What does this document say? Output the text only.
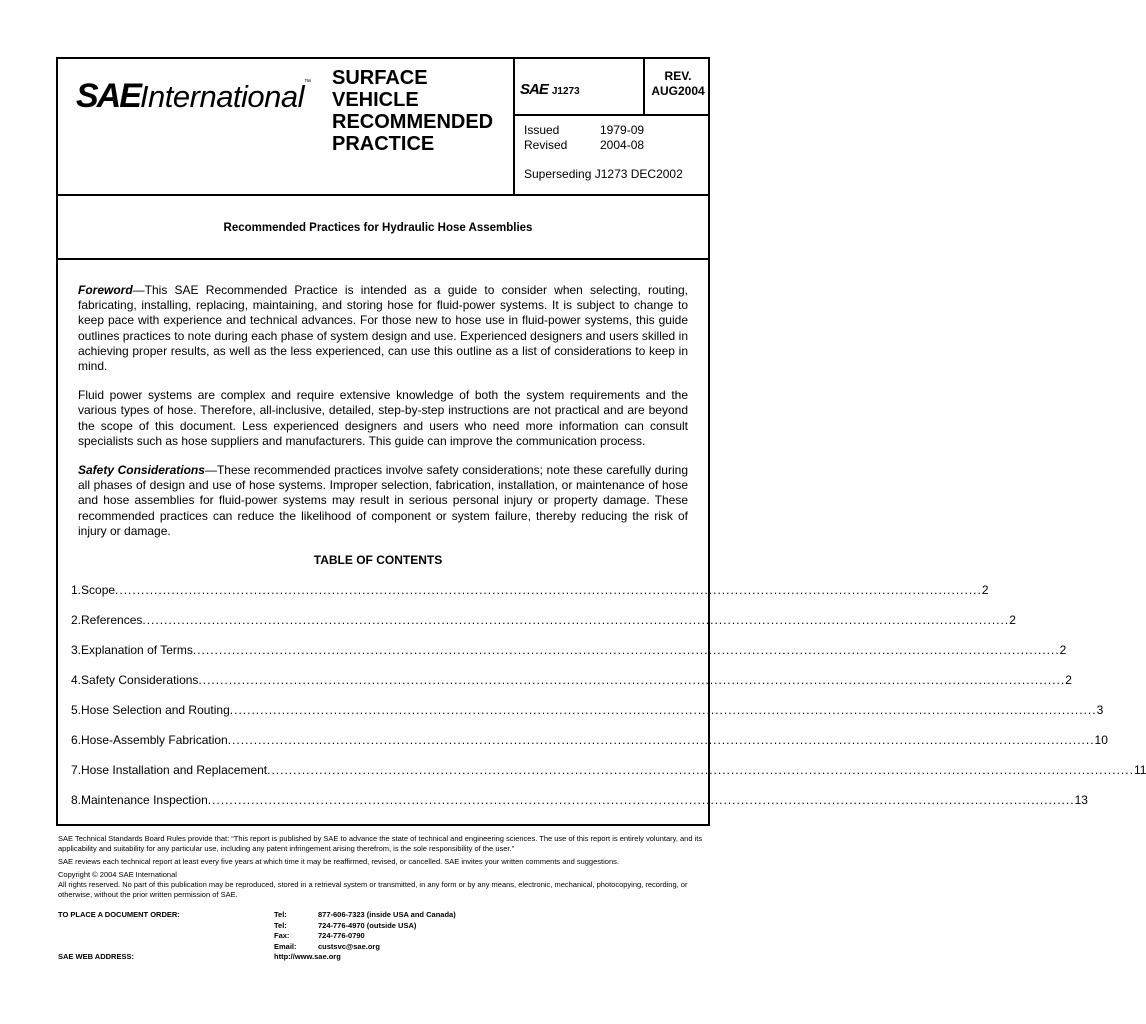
SAEInternational™ SURFACE
VEHICLE
RECOMMENDED
PRACTICE
SAE J1273
REV.
AUG2004
Issued	1979-09
Revised	2004-08
Superseding J1273 DEC2002
Recommended Practices for Hydraulic Hose Assemblies

Foreword—This SAE Recommended Practice is intended as a guide to consider when selecting, routing, fabricating, installing, replacing, maintaining, and storing hose for fluid-power systems. It is subject to change to keep pace with experience and technical advances. For those new to hose use in fluid-power systems, this guide outlines practices to note during each phase of system design and use. Experienced designers and users skilled in achieving proper results, as well as the less experienced, can use this outline as a list of considerations to keep in mind.

Fluid power systems are complex and require extensive knowledge of both the system requirements and the various types of hose. Therefore, all-inclusive, detailed, step-by-step instructions are not practical and are beyond the scope of this document. Less experienced designers and users who need more information can consult specialists such as hose suppliers and manufacturers. This guide can improve the communication process.

Safety Considerations—These recommended practices involve safety considerations; note these carefully during all phases of design and use of hose systems. Improper selection, fabrication, installation, or maintenance of hose and hose assemblies for fluid-power systems may result in serious personal injury or property damage. These recommended practices can reduce the likelihood of component or system failure, thereby reducing the risk of injury or damage.

TABLE OF CONTENTS
1. Scope ........................................................................................................................................................................................................ 2
2. References ........................................................................................................................................................................................................ 2
3. Explanation of Terms ........................................................................................................................................................................................................ 2
4. Safety Considerations ........................................................................................................................................................................................................ 2
5. Hose Selection and Routing ........................................................................................................................................................................................................ 3
6. Hose-Assembly Fabrication ........................................................................................................................................................................................................ 10
7. Hose Installation and Replacement ........................................................................................................................................................................................................ 11
8. Maintenance Inspection ........................................................................................................................................................................................................ 13

SAE Technical Standards Board Rules provide that: “This report is published by SAE to advance the state of technical and engineering sciences. The use of this report is entirely voluntary, and its applicability and suitability for any particular use, including any patent infringement arising therefrom, is the sole responsibility of the user.”

SAE reviews each technical report at least every five years at which time it may be reaffirmed, revised, or cancelled. SAE invites your written comments and suggestions.

Copyright © 2004 SAE International
All rights reserved. No part of this publication may be reproduced, stored in a retrieval system or transmitted, in any form or by any means, electronic, mechanical, photocopying, recording, or otherwise, without the prior written permission of SAE.
TO PLACE A DOCUMENT ORDER:
SAE WEB ADDRESS:
Tel:
Tel:
Fax:
Email:
http://www.sae.org
877-606-7323 (inside USA and Canada)
724-776-4970 (outside USA)
724-776-0790
custsvc@sae.org
